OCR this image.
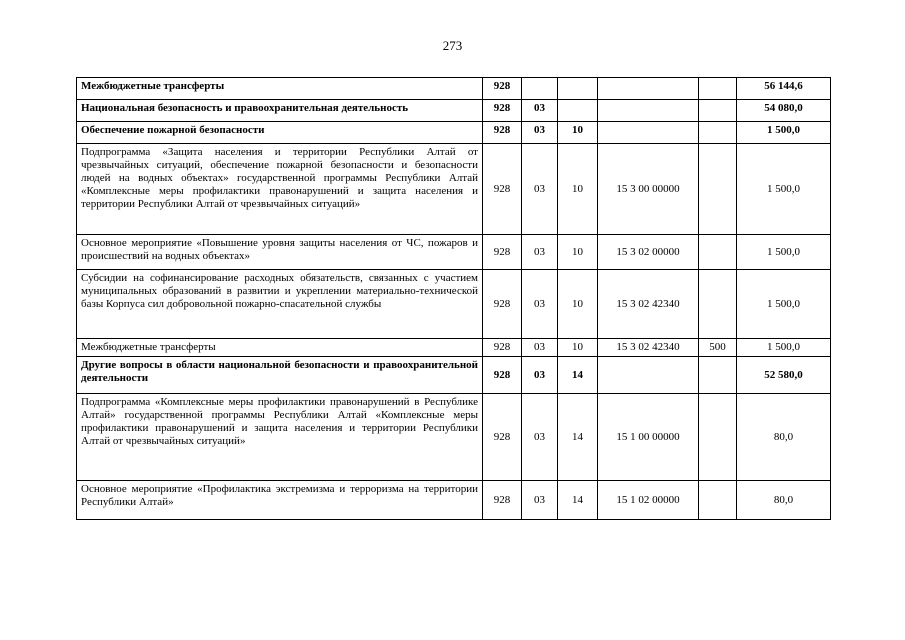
273
Межбюджетные трансферты	928					56 144,6
Национальная безопасность и правоохранительная деятельность	928	03				54 080,0
Обеспечение пожарной безопасности	928	03	10			1 500,0
Подпрограмма «Защита населения и территории Республики Алтай от чрезвычайных ситуаций, обеспечение пожарной безопасности и безопасности людей на водных объектах» государственной программы Республики Алтай «Комплексные меры профилактики правонарушений и защита населения и территории Республики Алтай от чрезвычайных ситуаций»	928	03	10	15 3 00 00000		1 500,0
Основное мероприятие «Повышение уровня защиты населения от ЧС, пожаров и происшествий на водных объектах»	928	03	10	15 3 02 00000		1 500,0
Субсидии на софинансирование расходных обязательств, связанных с участием муниципальных образований в развитии и укреплении материально-технической базы Корпуса сил добровольной пожарно-спасательной службы	928	03	10	15 3 02 42340		1 500,0
Межбюджетные трансферты	928	03	10	15 3 02 42340	500	1 500,0
Другие вопросы в области национальной безопасности и правоохранительной деятельности	928	03	14			52 580,0
Подпрограмма «Комплексные меры профилактики правонарушений в Республике Алтай» государственной программы Республики Алтай «Комплексные меры профилактики правонарушений и защита населения и территории Республики Алтай от чрезвычайных ситуаций»	928	03	14	15 1 00 00000		80,0
Основное мероприятие «Профилактика экстремизма и терроризма на территории Республики Алтай»	928	03	14	15 1 02 00000		80,0
